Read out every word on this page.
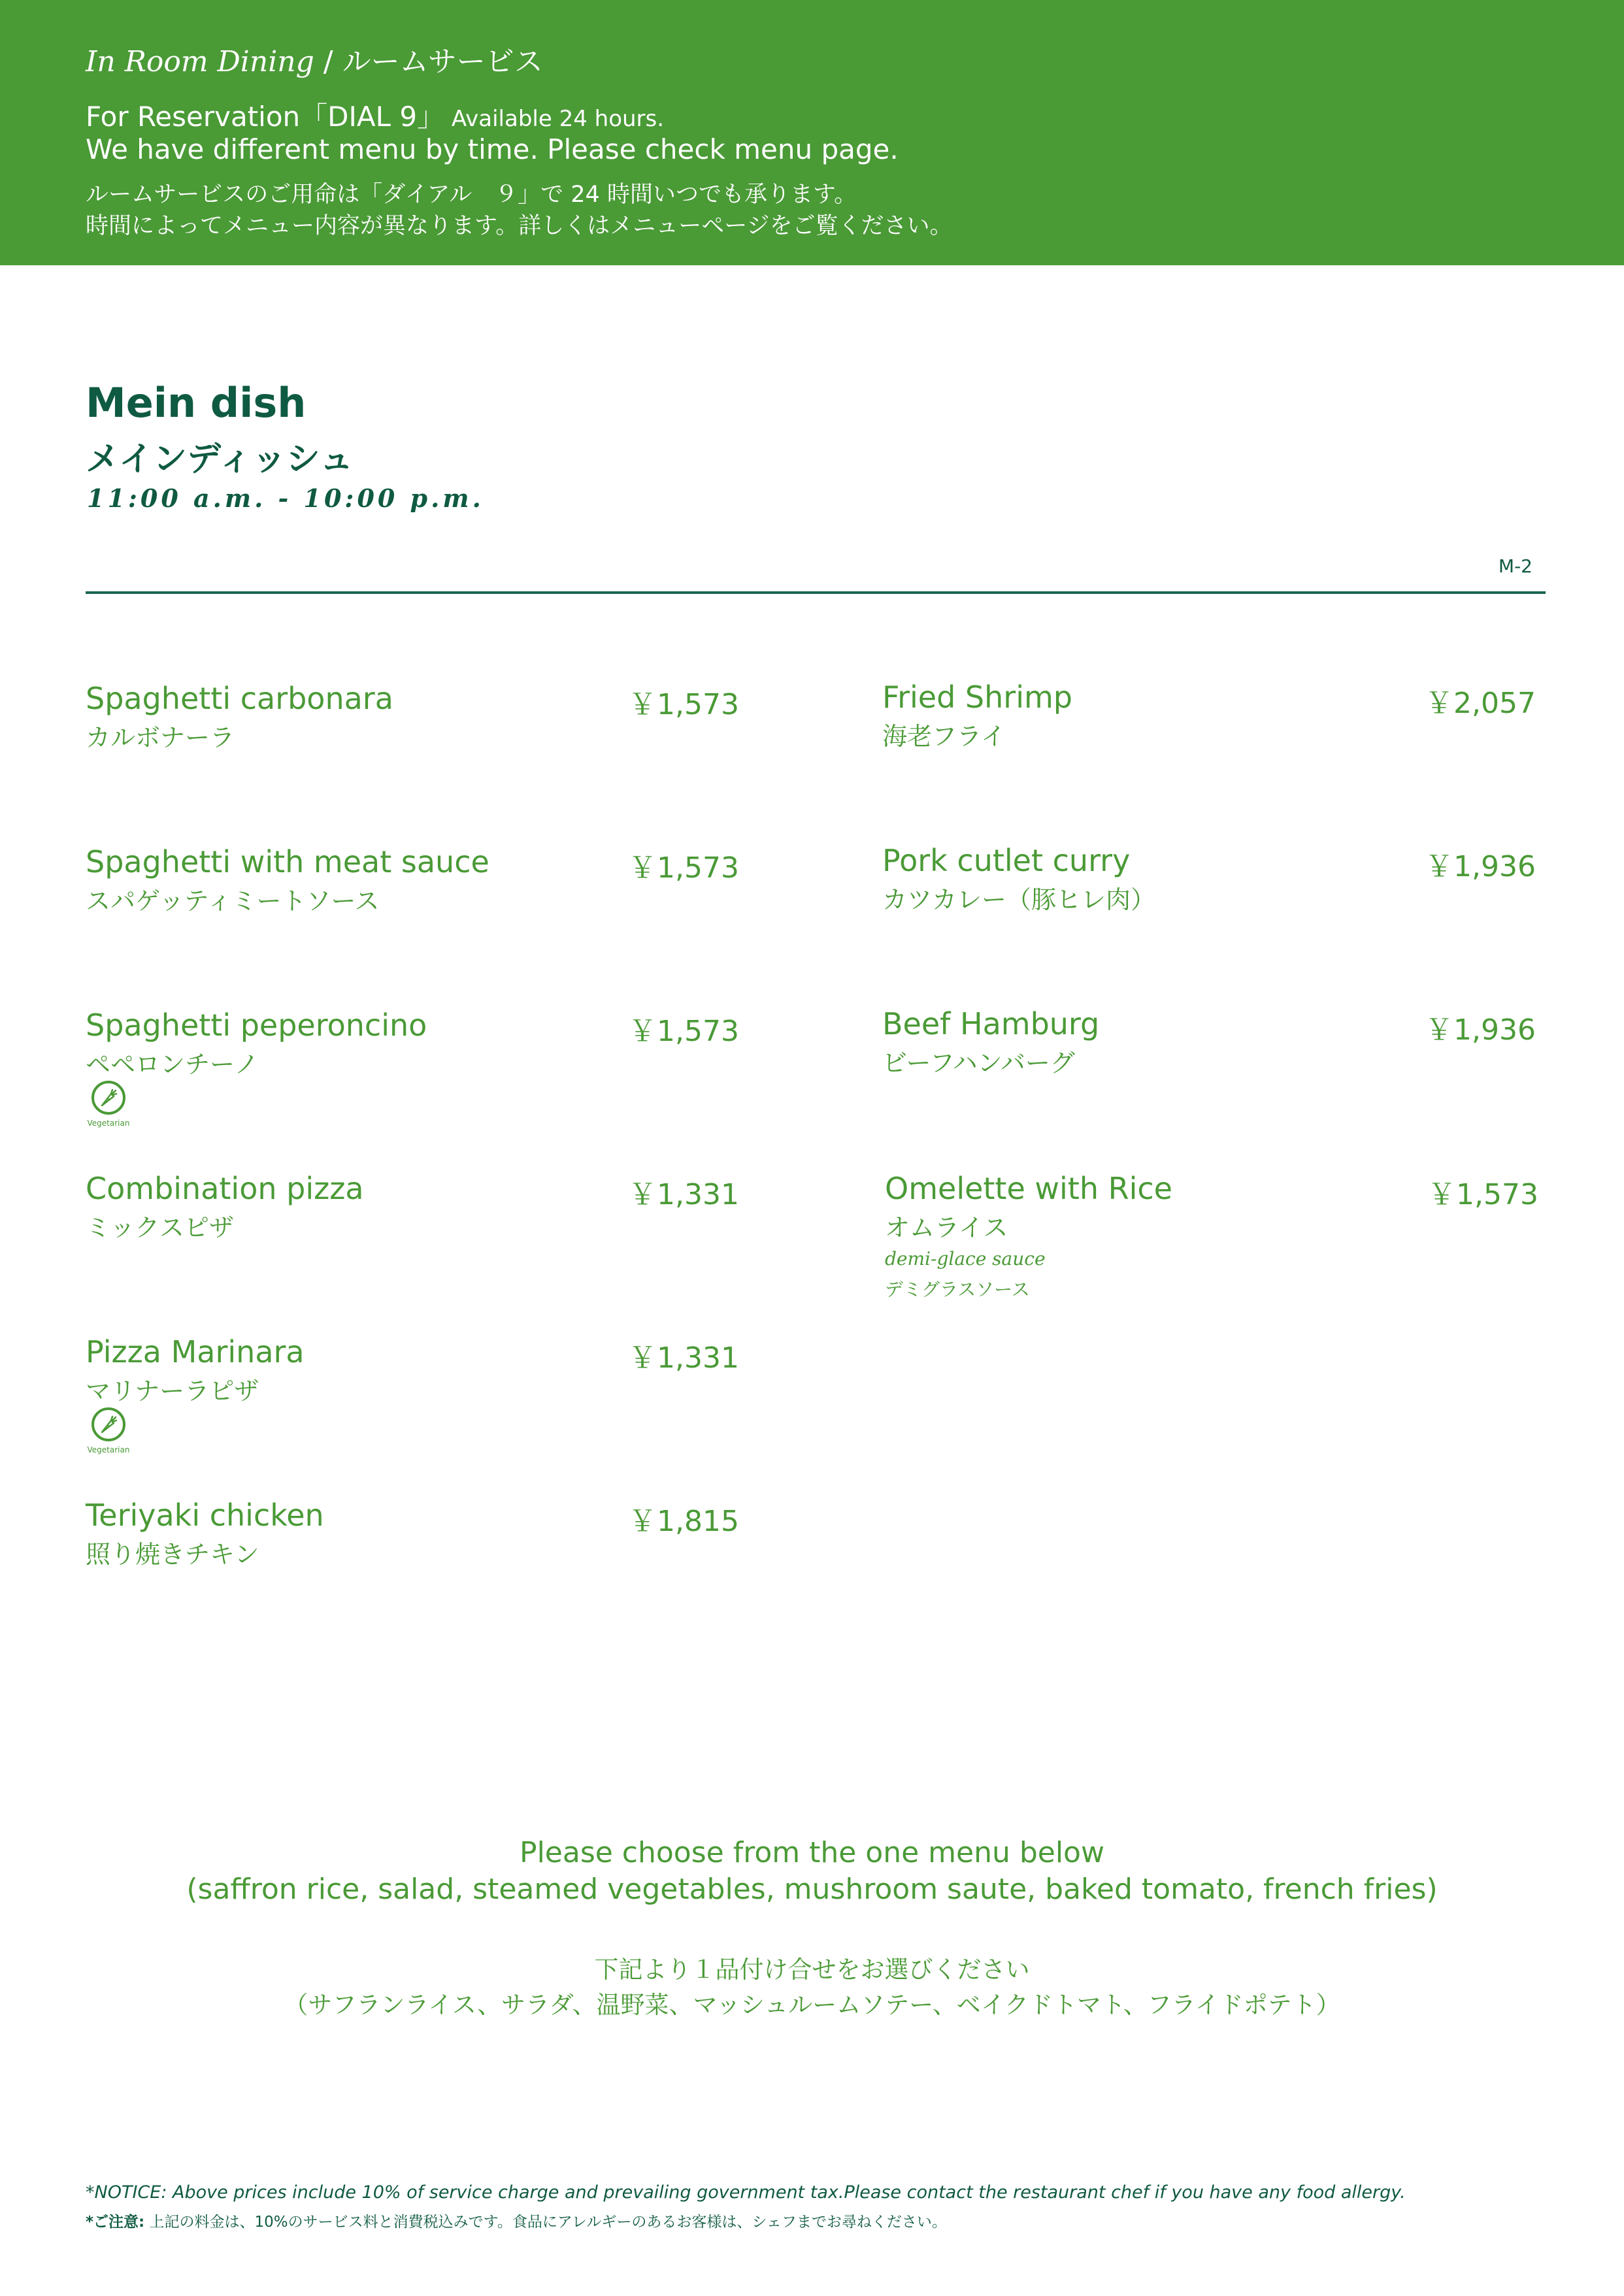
In Room Dining / ルームサービス
For Reservation「DIAL 9」 Available 24 hours.
We have different menu by time. Please check menu page.
ルームサービスのご用命は「ダイアル　９」で 24 時間いつでも承ります。
時間によってメニュー内容が異なります。詳しくはメニューページをご覧ください。
Mein dish
メインディッシュ
11:00 a.m. - 10:00 p.m.
M-2
Spaghetti carbonara
カルボナーラ
￥1,573
Spaghetti with meat sauce
スパゲッティミートソース
￥1,573
Spaghetti peperoncino
ペペロンチーノ
￥1,573
Vegetarian
Combination pizza
ミックスピザ
￥1,331
Pizza Marinara
マリナーラピザ
￥1,331
Vegetarian
Teriyaki chicken
照り焼きチキン
￥1,815
Fried Shrimp
海老フライ
￥2,057
Pork cutlet curry
カツカレー（豚ヒレ肉）
￥1,936
Beef Hamburg
ビーフハンバーグ
￥1,936
Omelette with Rice
オムライス
￥1,573
demi-glace sauce
デミグラスソース
Please choose from the one menu below
(saffron rice, salad, steamed vegetables, mushroom saute, baked tomato, french fries)
下記より１品付け合せをお選びください
（サフランライス、サラダ、温野菜、マッシュルームソテー、ベイクドトマト、フライドポテト）
*NOTICE: Above prices include 10% of service charge and prevailing government tax.Please contact the restaurant chef if you have any food allergy.
*ご注意: 上記の料金は、10%のサービス料と消費税込みです。食品にアレルギーのあるお客様は、シェフまでお尋ねください。
